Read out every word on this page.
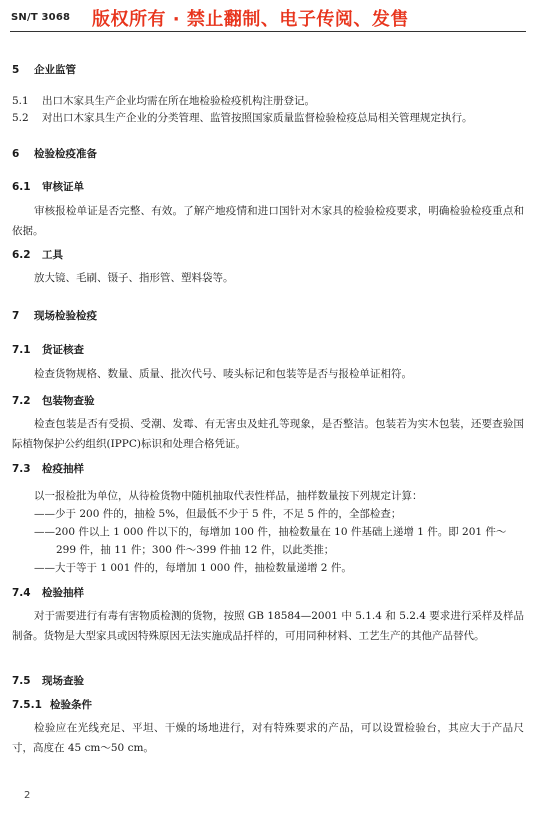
SN/T 3068 版权所有 · 禁止翻制、电子传阅、发售
5 企业监管
5.1 出口木家具生产企业均需在所在地检验检疫机构注册登记。
5.2 对出口木家具生产企业的分类管理、监管按照国家质量监督检验检疫总局相关管理规定执行。
6 检验检疫准备
6.1 审核证单
审核报检单证是否完整、有效。了解产地疫情和进口国针对木家具的检验检疫要求，明确检验检疫重点和依据。
6.2 工具
放大镜、毛刷、镊子、指形管、塑料袋等。
7 现场检验检疫
7.1 货证核查
检查货物规格、数量、质量、批次代号、唛头标记和包装等是否与报检单证相符。
7.2 包装物查验
检查包装是否有受损、受潮、发霉、有无害虫及蛀孔等现象，是否整洁。包装若为实木包装，还要查验国际植物保护公约组织(IPPC)标识和处理合格凭证。
7.3 检疫抽样
以一报检批为单位，从待检货物中随机抽取代表性样品，抽样数量按下列规定计算：
——少于 200 件的，抽检 5%，但最低不少于 5 件，不足 5 件的，全部检查；
——200 件以上 1 000 件以下的，每增加 100 件，抽检数量在 10 件基础上递增 1 件。即 201 件～
299 件，抽 11 件；300 件～399 件抽 12 件，以此类推；
——大于等于 1 001 件的，每增加 1 000 件，抽检数量递增 2 件。
7.4 检验抽样
对于需要进行有毒有害物质检测的货物，按照 GB 18584—2001 中 5.1.4 和 5.2.4 要求进行采样及样品制备。货物是大型家具或因特殊原因无法实施成品扦样的，可用同种材料、工艺生产的其他产品替代。
7.5 现场查验
7.5.1 检验条件
检验应在光线充足、平坦、干燥的场地进行，对有特殊要求的产品，可以设置检验台，其应大于产品尺寸，高度在 45 cm～50 cm。
2
